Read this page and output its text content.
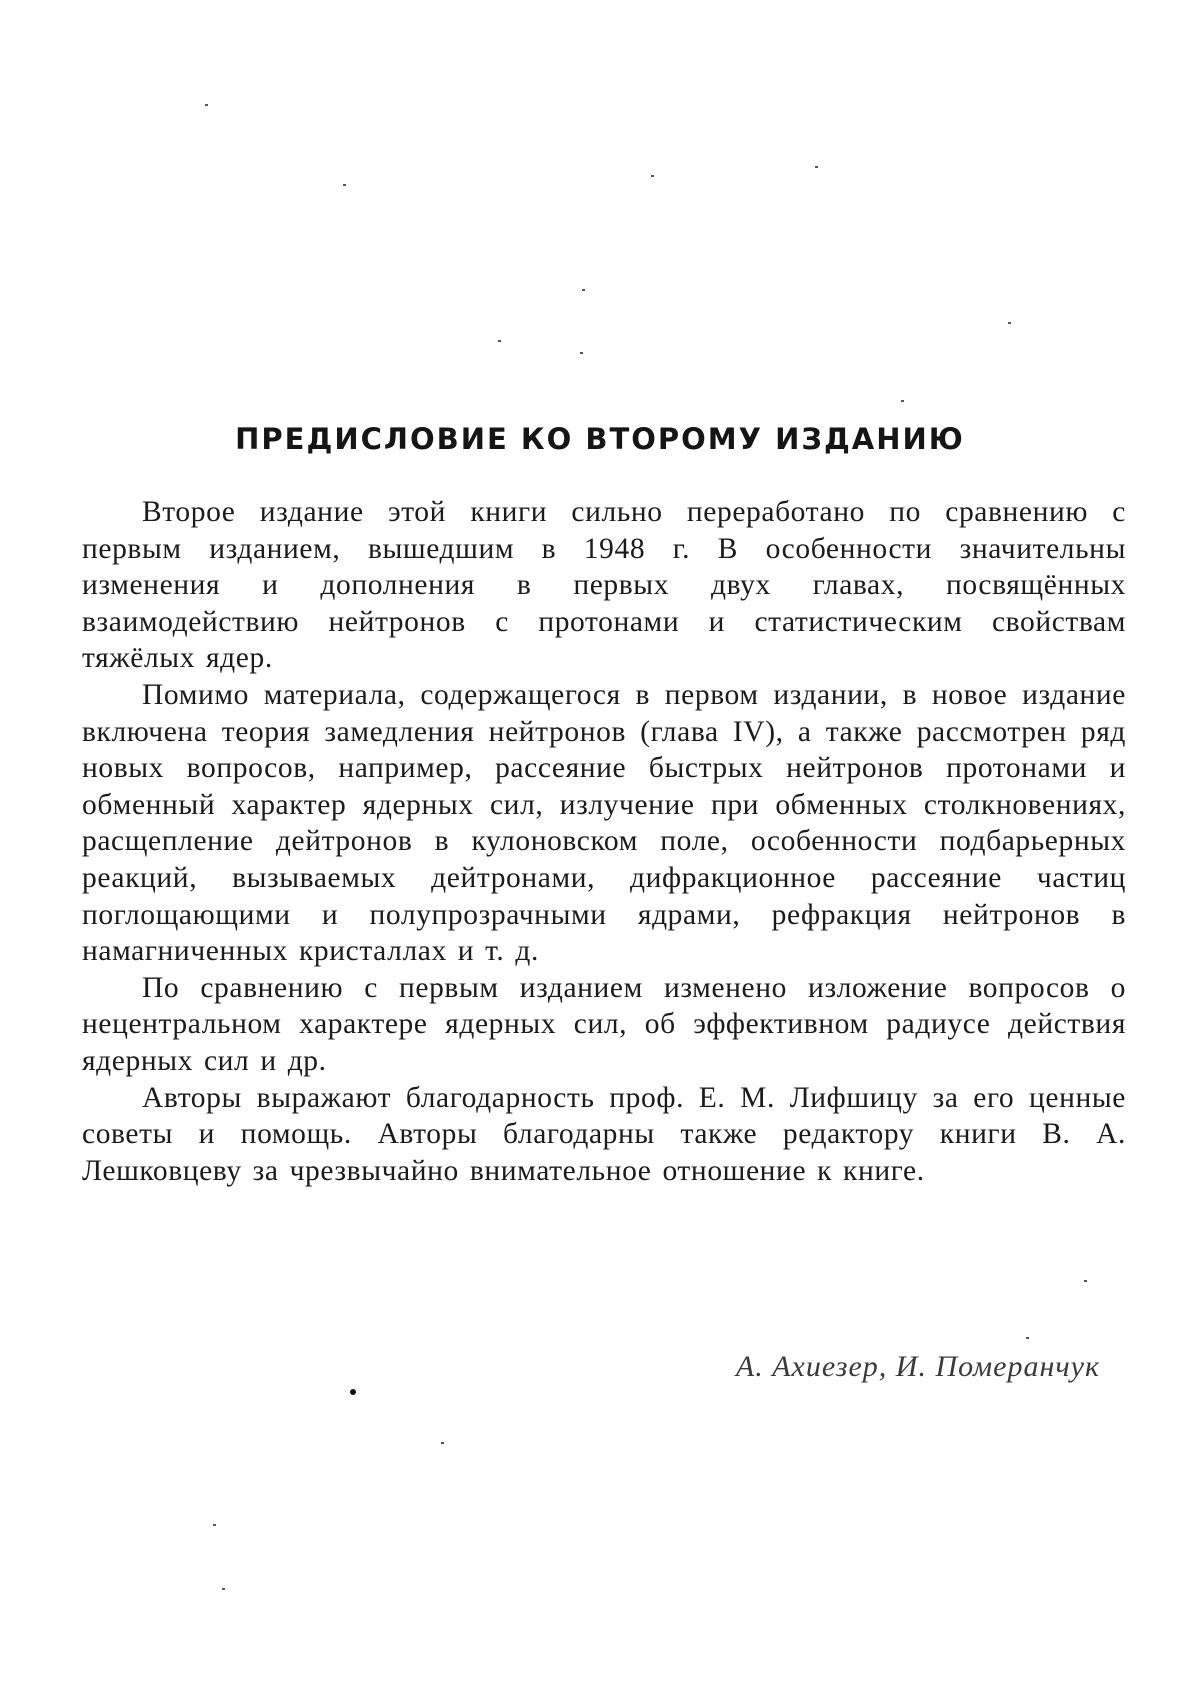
ПРЕДИСЛОВИЕ КО ВТОРОМУ ИЗДАНИЮ

Второе издание этой книги сильно переработано по сравнению с первым изданием, вышедшим в 1948 г. В особенности значительны изменения и дополнения в первых двух главах, посвящённых взаимодействию нейтронов с протонами и статистическим свойствам тяжёлых ядер.

Помимо материала, содержащегося в первом издании, в новое издание включена теория замедления нейтронов (глава IV), а также рассмотрен ряд новых вопросов, например, рассеяние быстрых нейтронов протонами и обменный характер ядерных сил, излучение при обменных столкновениях, расщепление дейтронов в кулоновском поле, особенности подбарьерных реакций, вызываемых дейтронами, дифракционное рассеяние частиц поглощающими и полупрозрачными ядрами, рефракция нейтронов в намагниченных кристаллах и т. д.

По сравнению с первым изданием изменено изложение вопросов о нецентральном характере ядерных сил, об эффективном радиусе действия ядерных сил и др.

Авторы выражают благодарность проф. Е. М. Лифшицу за его ценные советы и помощь. Авторы благодарны также редактору книги В. А. Лешковцеву за чрезвычайно внимательное отношение к книге.

А. Ахиезер, И. Померанчук
